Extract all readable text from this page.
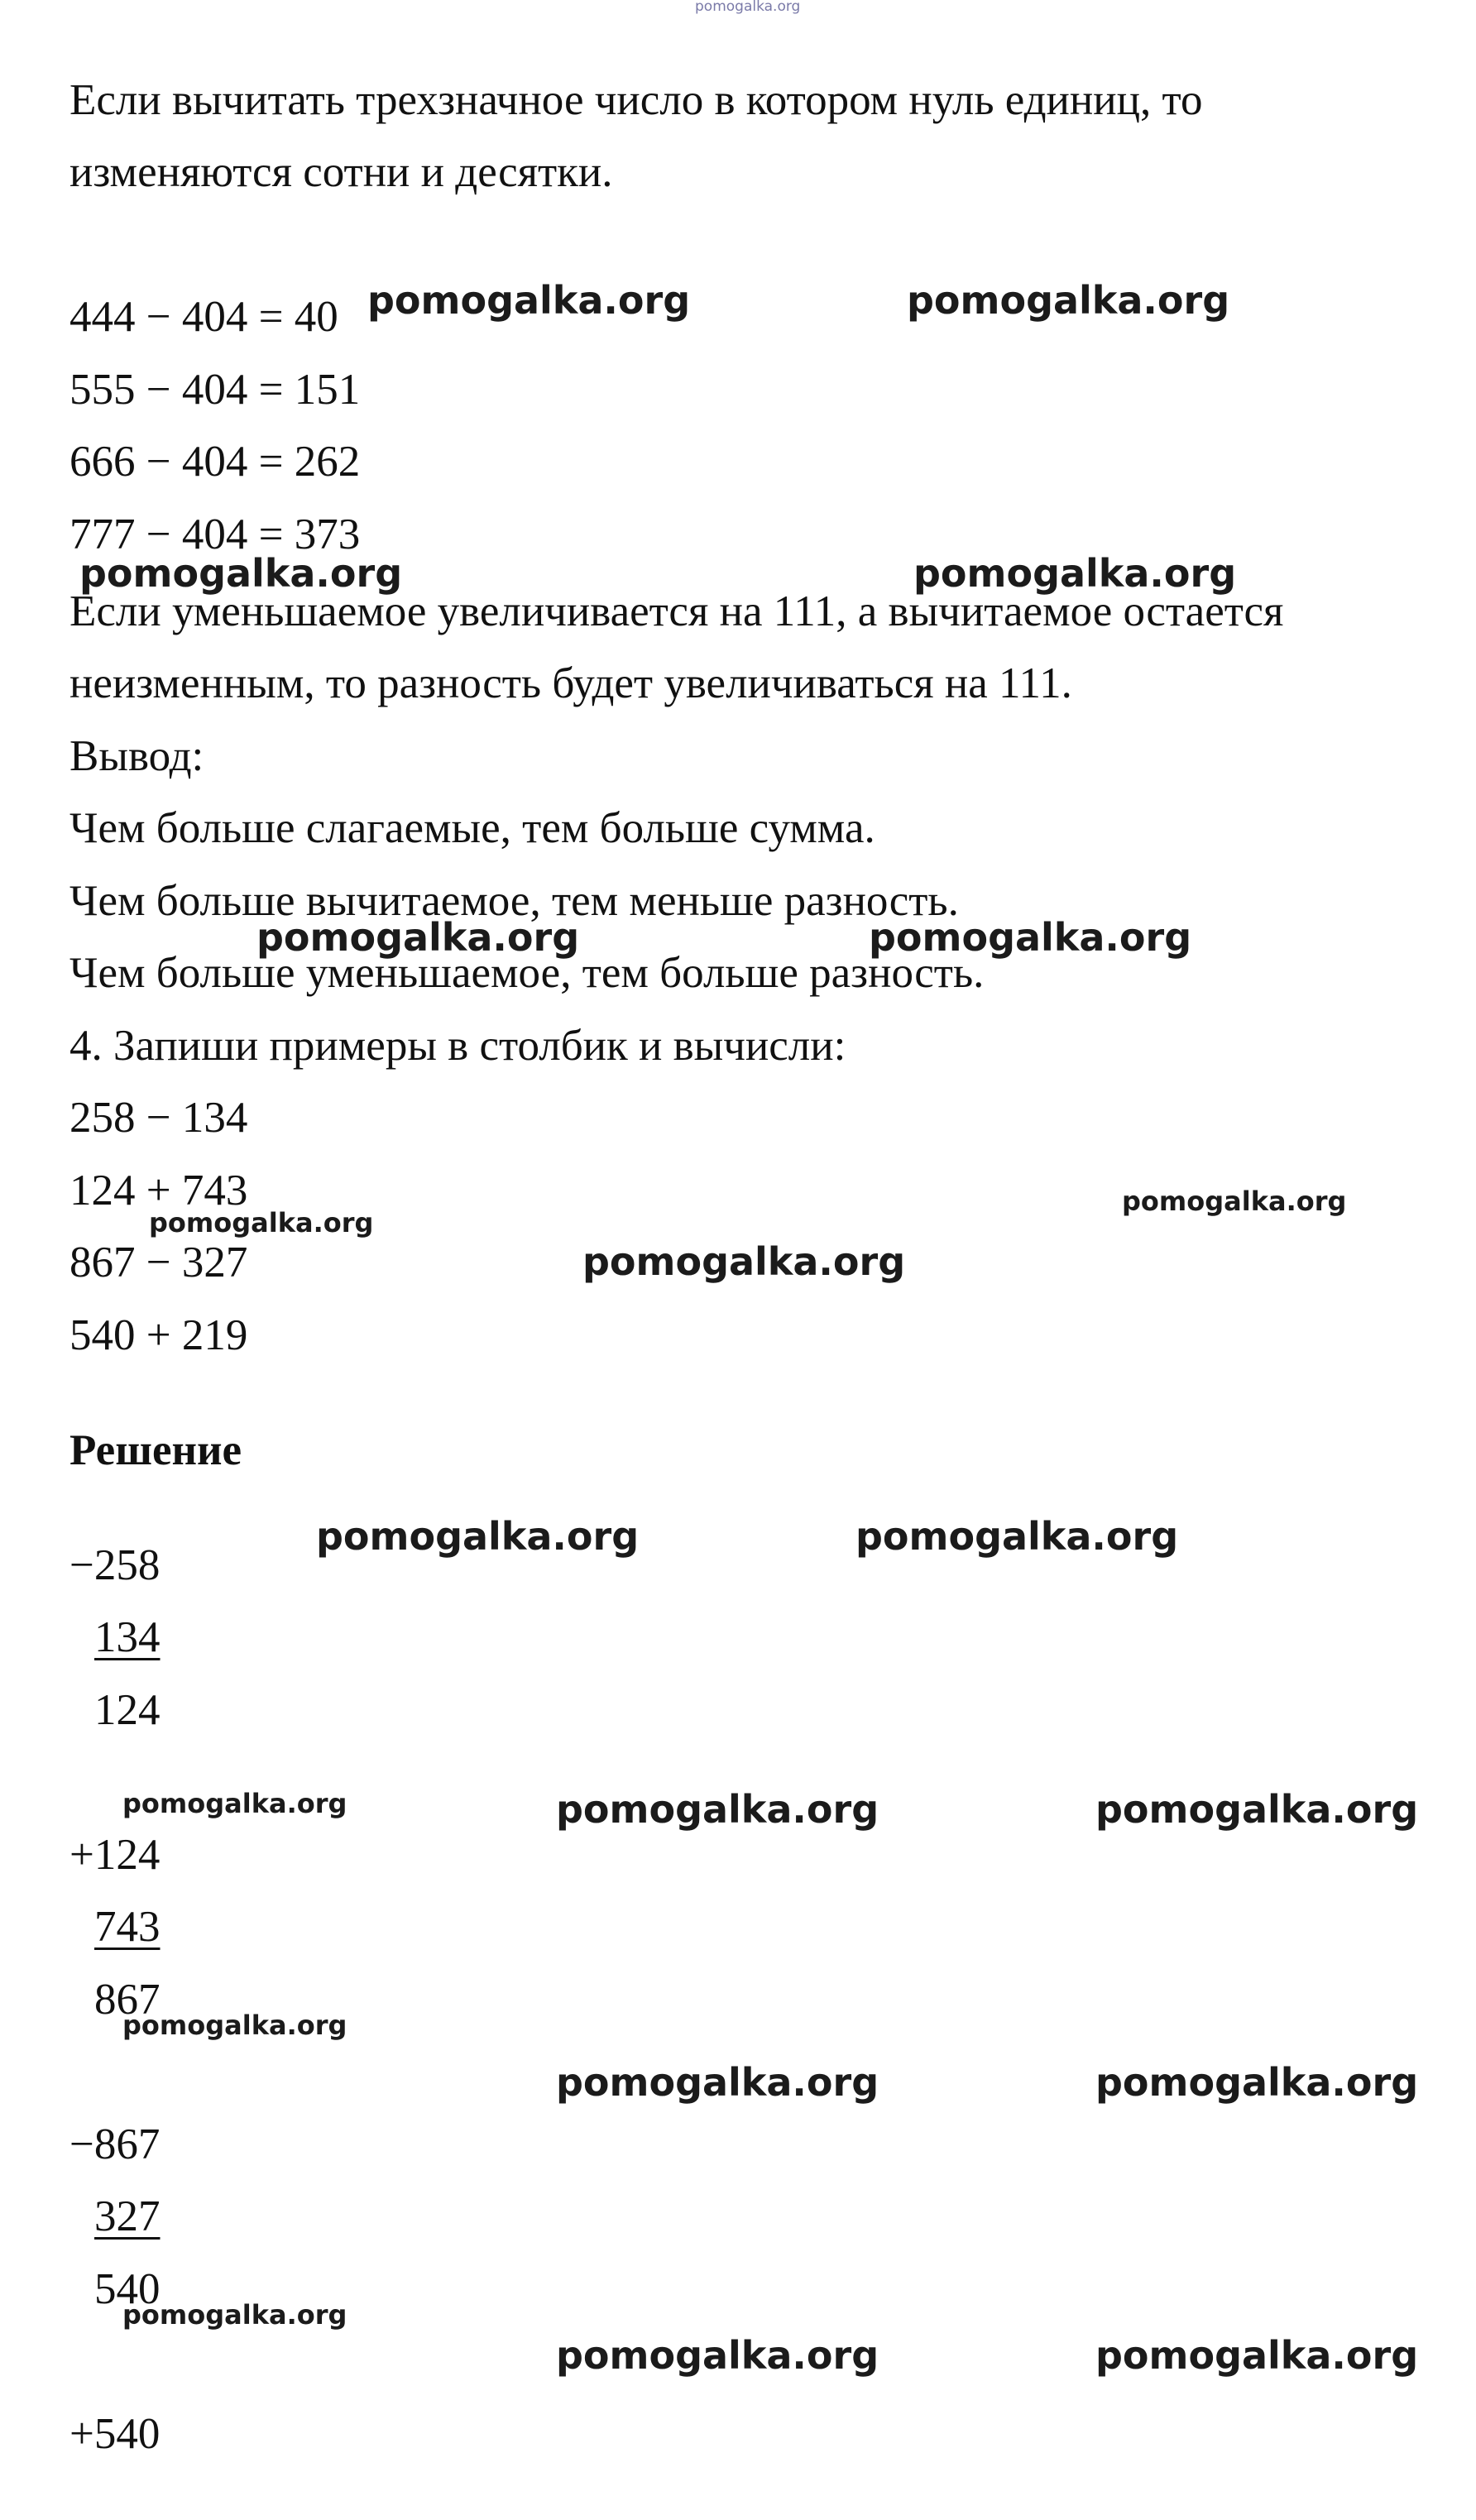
pomogalka.org
Если вычитать трехзначное число в котором нуль единиц, то
изменяются сотни и десятки.
444 − 404 = 40
555 − 404 = 151
666 − 404 = 262
777 − 404 = 373
Если уменьшаемое увеличивается на 111, а вычитаемое остается
неизменным, то разность будет увеличиваться на 111.
Вывод:
Чем больше слагаемые, тем больше сумма.
Чем больше вычитаемое, тем меньше разность.
Чем больше уменьшаемое, тем больше разность.
4. Запиши примеры в столбик и вычисли:
258 − 134
124 + 743
867 − 327
540 + 219
Решение
−258
134
124
+124
743
867
−867
327
540
+540
pomogalka.org	pomogalka.org
pomogalka.org	pomogalka.org
pomogalka.org	pomogalka.org
pomogalka.org
pomogalka.org
pomogalka.org
pomogalka.org	pomogalka.org
pomogalka.org	pomogalka.org	pomogalka.org
pomogalka.org
pomogalka.org	pomogalka.org
pomogalka.org
pomogalka.org	pomogalka.org
